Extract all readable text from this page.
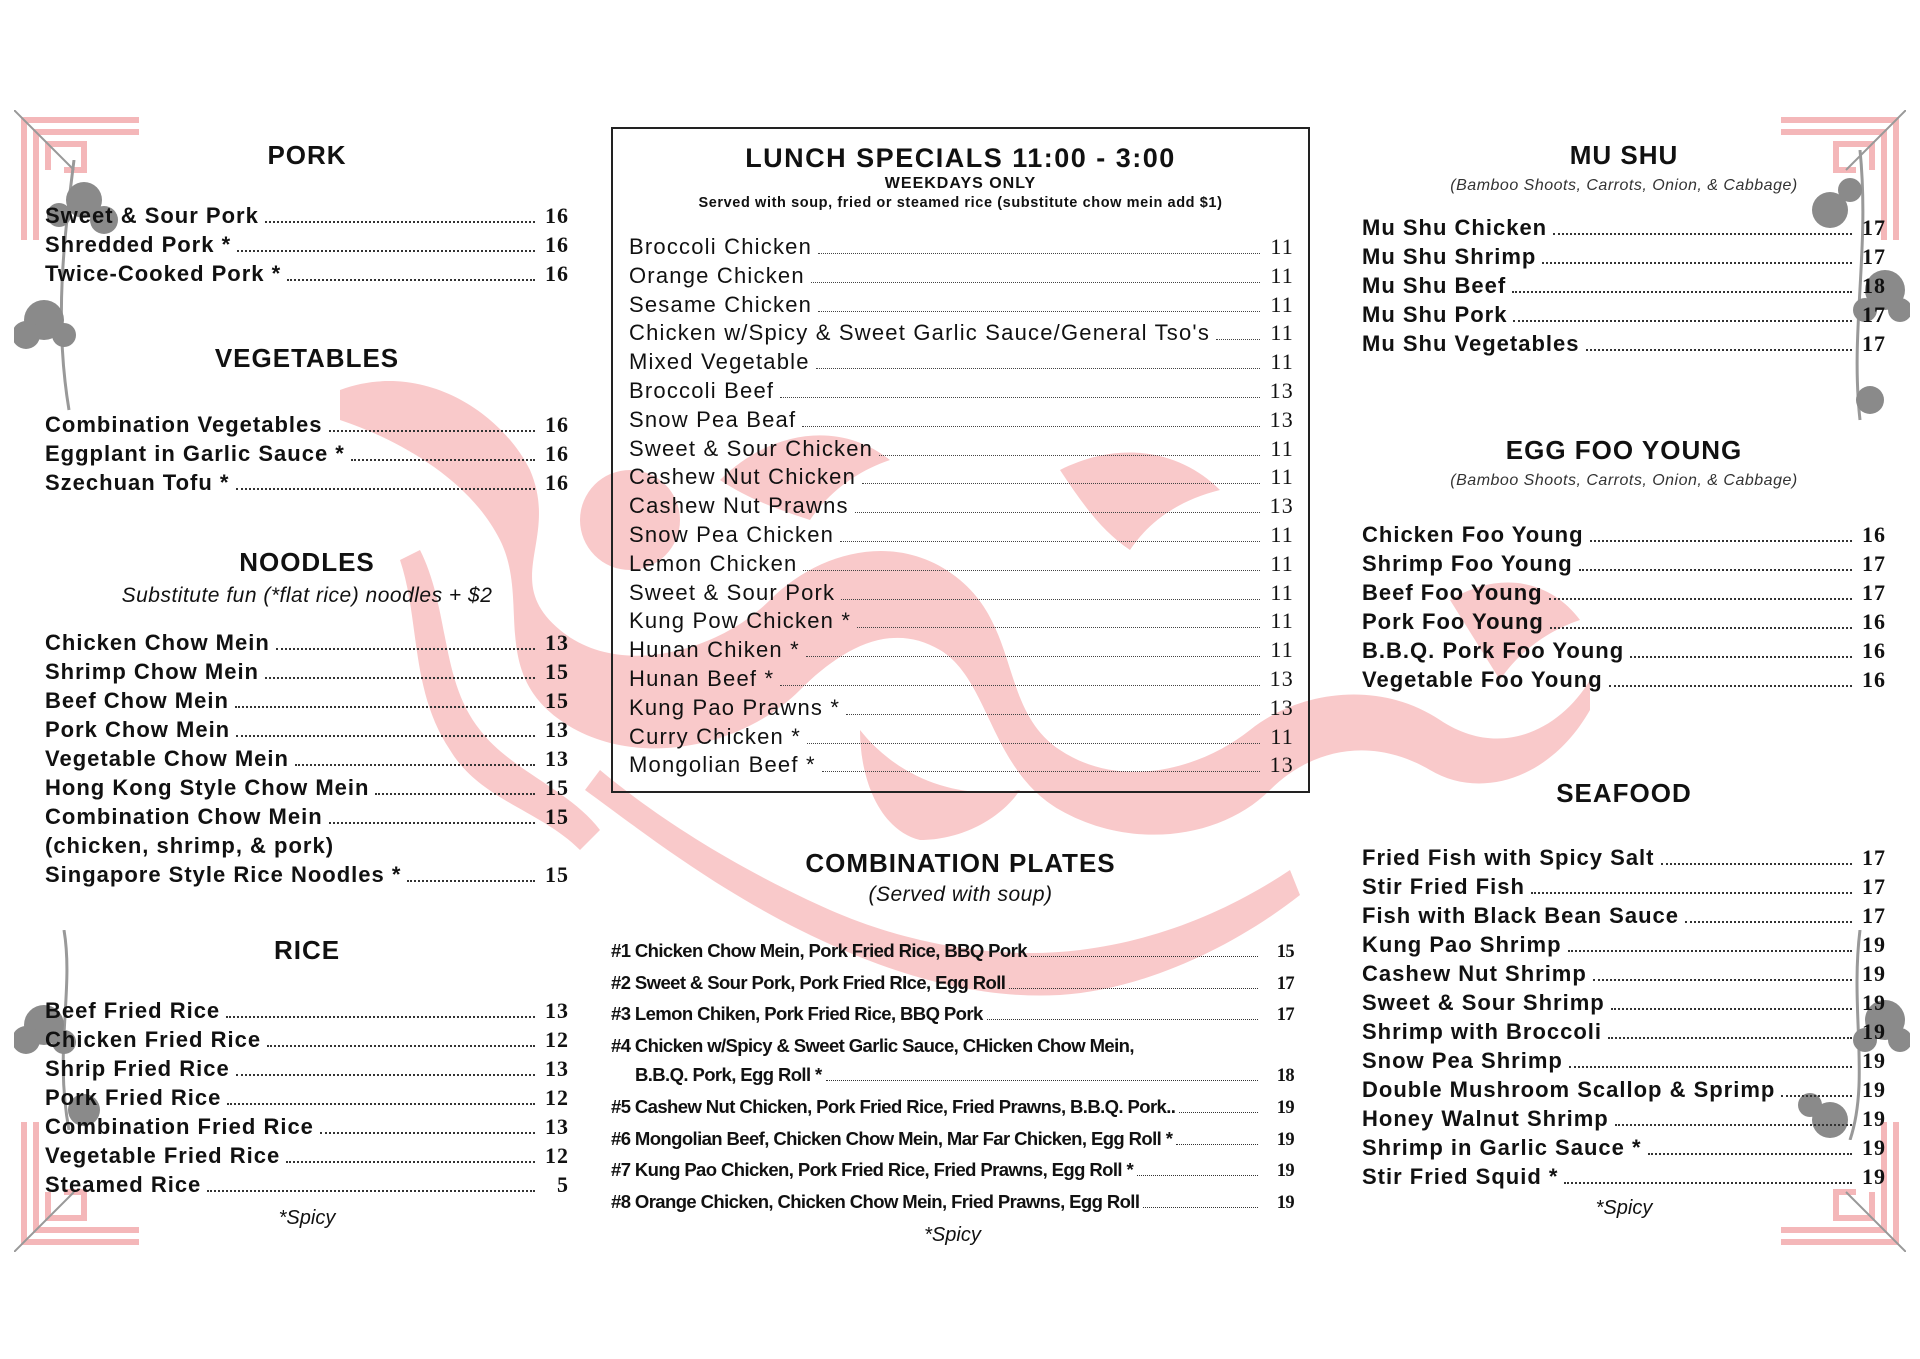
PORK
Sweet & Sour Pork	16
Shredded Pork *	16
Twice-Cooked Pork *	16
VEGETABLES
Combination Vegetables	16
Eggplant in Garlic Sauce *	16
Szechuan Tofu *	16
NOODLES

Substitute fun (*flat rice) noodles + $2

Chicken Chow Mein	13
Shrimp Chow Mein	15
Beef Chow Mein	15
Pork Chow Mein	13
Vegetable Chow Mein	13
Hong Kong Style Chow Mein	15
Combination Chow Mein	15
(chicken, shrimp, & pork)
Singapore Style Rice Noodles *	15
RICE
Beef Fried Rice	13
Chicken Fried Rice	12
Shrip Fried Rice	13
Pork Fried Rice	12
Combination Fried Rice	13
Vegetable Fried Rice	12
Steamed Rice	5
*Spicy
LUNCH SPECIALS 11:00 - 3:00
WEEKDAYS ONLY
Served with soup, fried or steamed rice (substitute chow mein add $1)
Broccoli Chicken	11
Orange Chicken	11
Sesame Chicken	11
Chicken w/Spicy & Sweet Garlic Sauce/General Tso's	11
Mixed Vegetable	11
Broccoli Beef	13
Snow Pea Beaf	13
Sweet & Sour Chicken	11
Cashew Nut Chicken	11
Cashew Nut Prawns	13
Snow Pea Chicken	11
Lemon Chicken	11
Sweet & Sour Pork	11
Kung Pow Chicken *	11
Hunan Chiken *	11
Hunan Beef *	13
Kung Pao Prawns *	13
Curry Chicken *	11
Mongolian Beef *	13
COMBINATION PLATES

(Served with soup)

#1 Chicken Chow Mein, Pork Fried Rice, BBQ Pork	15
#2 Sweet & Sour Pork, Pork Fried RIce, Egg Roll	17
#3 Lemon Chiken, Pork Fried Rice, BBQ Pork	17
#4 Chicken w/Spicy & Sweet Garlic Sauce, CHicken Chow Mein,
B.B.Q. Pork, Egg Roll *	18
#5 Cashew Nut Chicken, Pork Fried Rice, Fried Prawns, B.B.Q. Pork..	19
#6 Mongolian Beef, Chicken Chow Mein, Mar Far Chicken, Egg Roll *	19
#7 Kung Pao Chicken, Pork Fried Rice, Fried Prawns, Egg Roll *	19
#8 Orange Chicken, Chicken Chow Mein, Fried Prawns, Egg Roll	19
*Spicy
MU SHU

(Bamboo Shoots, Carrots, Onion, & Cabbage)

Mu Shu Chicken	17
Mu Shu Shrimp	17
Mu Shu Beef	18
Mu Shu Pork	17
Mu Shu Vegetables	17
EGG FOO YOUNG

(Bamboo Shoots, Carrots, Onion, & Cabbage)

Chicken Foo Young	16
Shrimp Foo Young	17
Beef Foo Young	17
Pork Foo Young	16
B.B.Q. Pork Foo Young	16
Vegetable Foo Young	16
SEAFOOD
Fried Fish with Spicy Salt	17
Stir Fried Fish	17
Fish with Black Bean Sauce	17
Kung Pao Shrimp	19
Cashew Nut Shrimp	19
Sweet & Sour Shrimp	19
Shrimp with Broccoli	19
Snow Pea Shrimp	19
Double Mushroom Scallop & Sprimp	19
Honey Walnut Shrimp	19
Shrimp in Garlic Sauce *	19
Stir Fried Squid *	19
*Spicy
